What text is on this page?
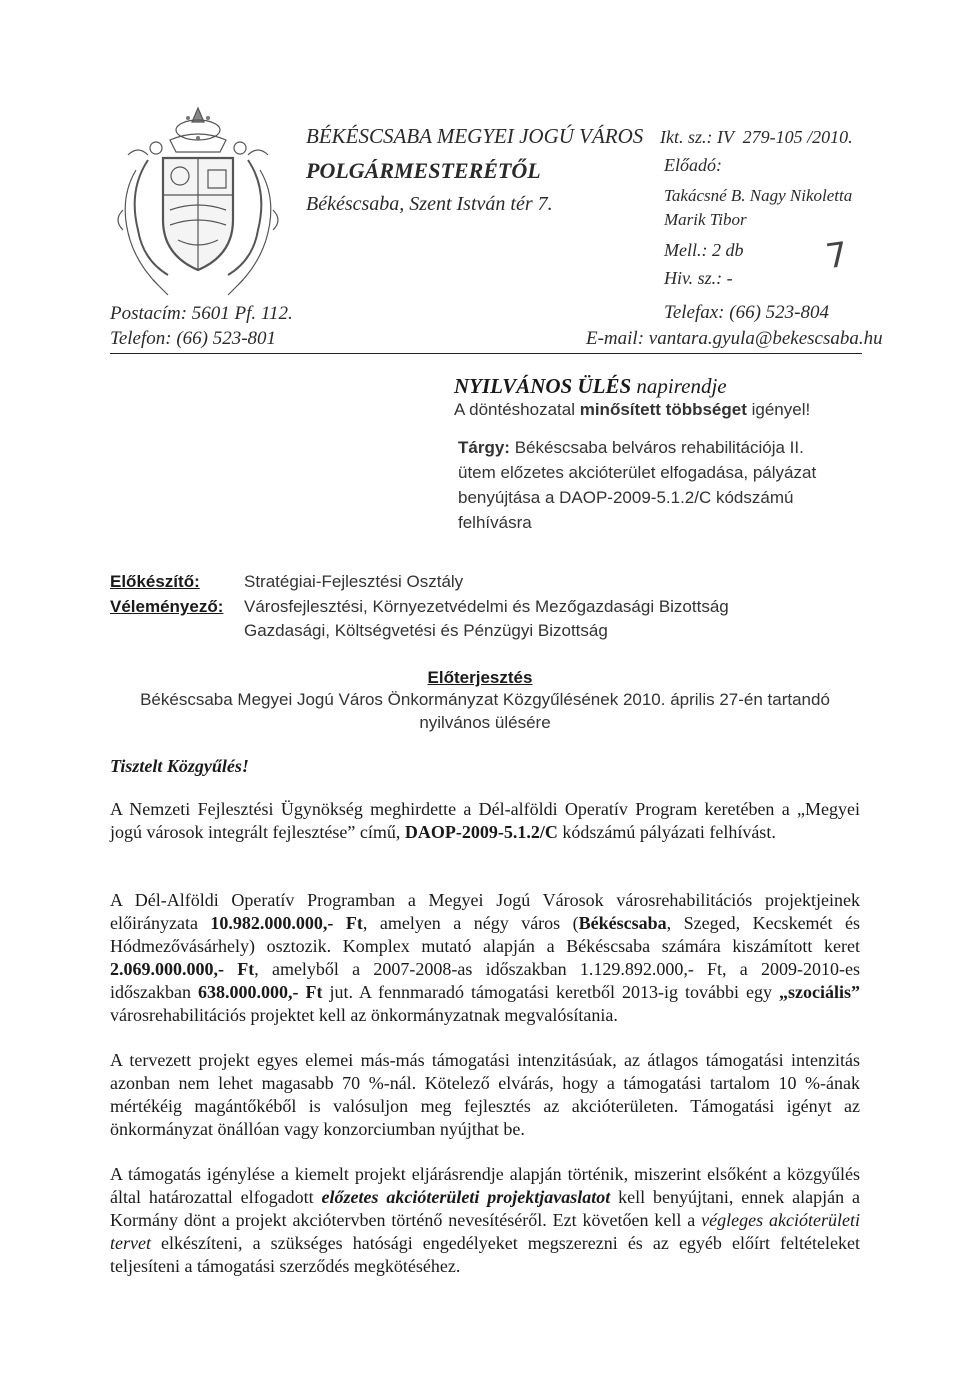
BÉKÉSCSABA MEGYEI JOGÚ VÁROS
POLGÁRMESTERÉTŐL
Békéscsaba, Szent István tér 7.
Postacím: 5601 Pf. 112.
Telefon: (66) 523-801
Ikt. sz.: IV  279-105 /2010.
Előadó:
Takácsné B. Nagy Nikoletta
Marik Tibor
Mell.: 2 db
Hiv. sz.: -
7
Telefax: (66) 523-804
E-mail: vantara.gyula@bekescsaba.hu
NYILVÁNOS ÜLÉS napirendje
A döntéshozatal minősített többséget igényel!
Tárgy: Békéscsaba belváros rehabilitációja II.
ütem előzetes akcióterület elfogadása, pályázat
benyújtása a DAOP-2009-5.1.2/C kódszámú
felhívásra
Előkészítő:	Stratégiai-Fejlesztési Osztály
Véleményező: Városfejlesztési, Környezetvédelmi és Mezőgazdasági Bizottság
Gazdasági, Költségvetési és Pénzügyi Bizottság
Előterjesztés
Békéscsaba Megyei Jogú Város Önkormányzat Közgyűlésének 2010. április 27-én tartandó
nyilvános ülésére
Tisztelt Közgyűlés!
A Nemzeti Fejlesztési Ügynökség meghirdette a Dél-alföldi Operatív Program keretében a „Megyei jogú városok integrált fejlesztése” című, DAOP-2009-5.1.2/C kódszámú pályázati felhívást.
A Dél-Alföldi Operatív Programban a Megyei Jogú Városok városrehabilitációs projektjeinek előirányzata 10.982.000.000,- Ft, amelyen a négy város (Békéscsaba, Szeged, Kecskemét és Hódmezővásárhely) osztozik. Komplex mutató alapján a Békéscsaba számára kiszámított keret 2.069.000.000,- Ft, amelyből a 2007-2008-as időszakban 1.129.892.000,- Ft, a 2009-2010-es időszakban 638.000.000,- Ft jut. A fennmaradó támogatási keretből 2013-ig további egy „szociális” városrehabilitációs projektet kell az önkormányzatnak megvalósítania.
A tervezett projekt egyes elemei más-más támogatási intenzitásúak, az átlagos támogatási intenzitás azonban nem lehet magasabb 70 %-nál. Kötelező elvárás, hogy a támogatási tartalom 10 %-ának mértékéig magántőkéből is valósuljon meg fejlesztés az akcióterületen. Támogatási igényt az önkormányzat önállóan vagy konzorciumban nyújthat be.
A támogatás igénylése a kiemelt projekt eljárásrendje alapján történik, miszerint elsőként a közgyűlés által határozattal elfogadott előzetes akcióterületi projektjavaslatot kell benyújtani, ennek alapján a Kormány dönt a projekt akciótervben történő nevesítéséről. Ezt követően kell a végleges akcióterületi tervet elkészíteni, a szükséges hatósági engedélyeket megszerezni és az egyéb előírt feltételeket teljesíteni a támogatási szerződés megkötéséhez.
